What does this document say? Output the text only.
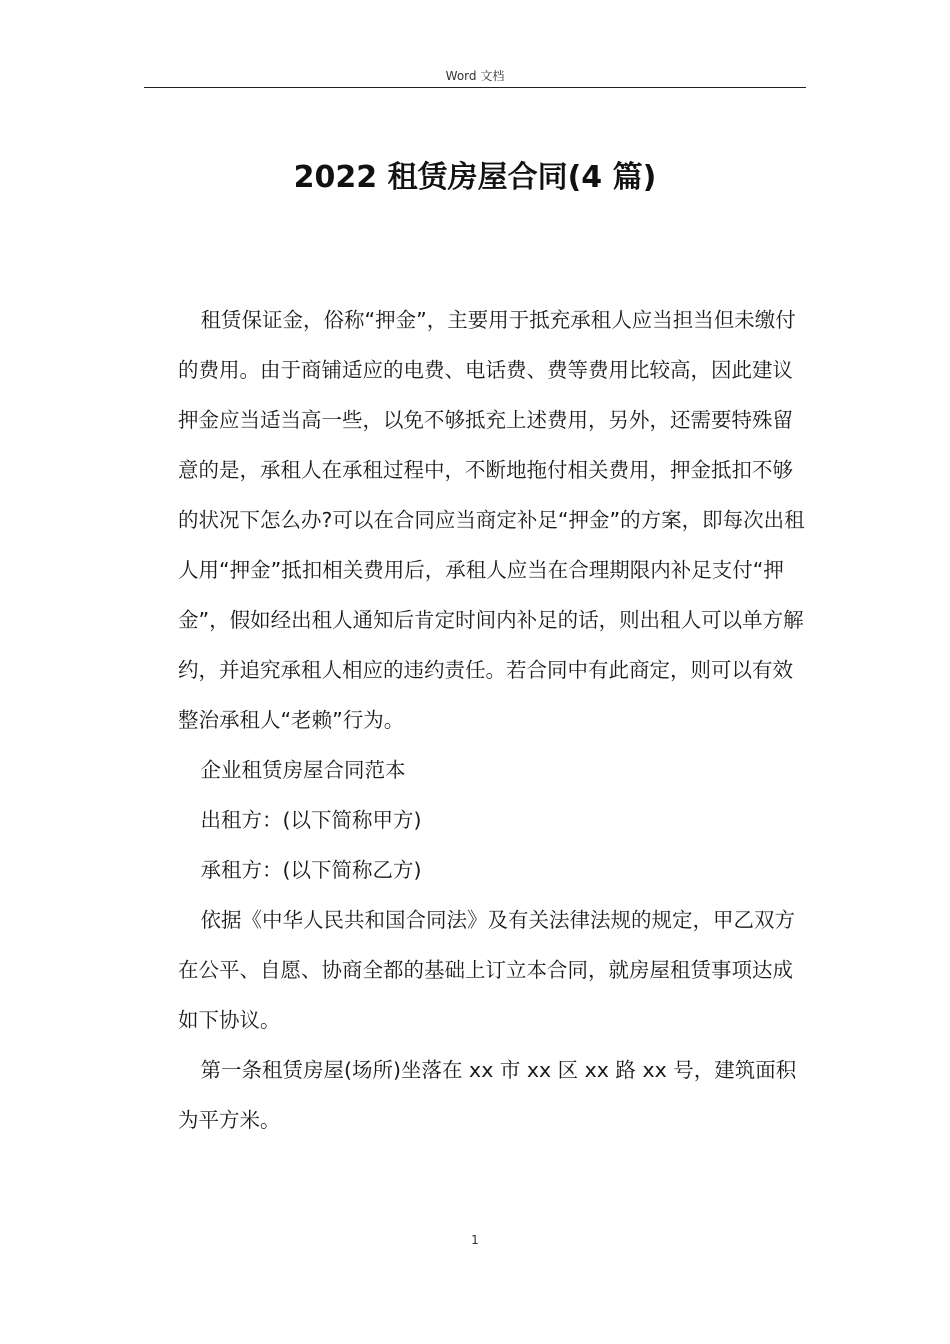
Word 文档
2022 租赁房屋合同(4 篇)

租赁保证金，俗称“押金”，主要用于抵充承租人应当担当但未缴付的费用。由于商铺适应的电费、电话费、费等费用比较高，因此建议押金应当适当高一些，以免不够抵充上述费用，另外，还需要特殊留意的是，承租人在承租过程中，不断地拖付相关费用，押金抵扣不够的状况下怎么办?可以在合同应当商定补足“押金”的方案，即每次出租人用“押金”抵扣相关费用后，承租人应当在合理期限内补足支付“押金”，假如经出租人通知后肯定时间内补足的话，则出租人可以单方解约，并追究承租人相应的违约责任。若合同中有此商定，则可以有效整治承租人“老赖”行为。

企业租赁房屋合同范本

出租方：(以下简称甲方)

承租方：(以下简称乙方)

依据《中华人民共和国合同法》及有关法律法规的规定，甲乙双方在公平、自愿、协商全都的基础上订立本合同，就房屋租赁事项达成如下协议。

第一条租赁房屋(场所)坐落在 xx 市 xx 区 xx 路 xx 号，建筑面积为平方米。

1
